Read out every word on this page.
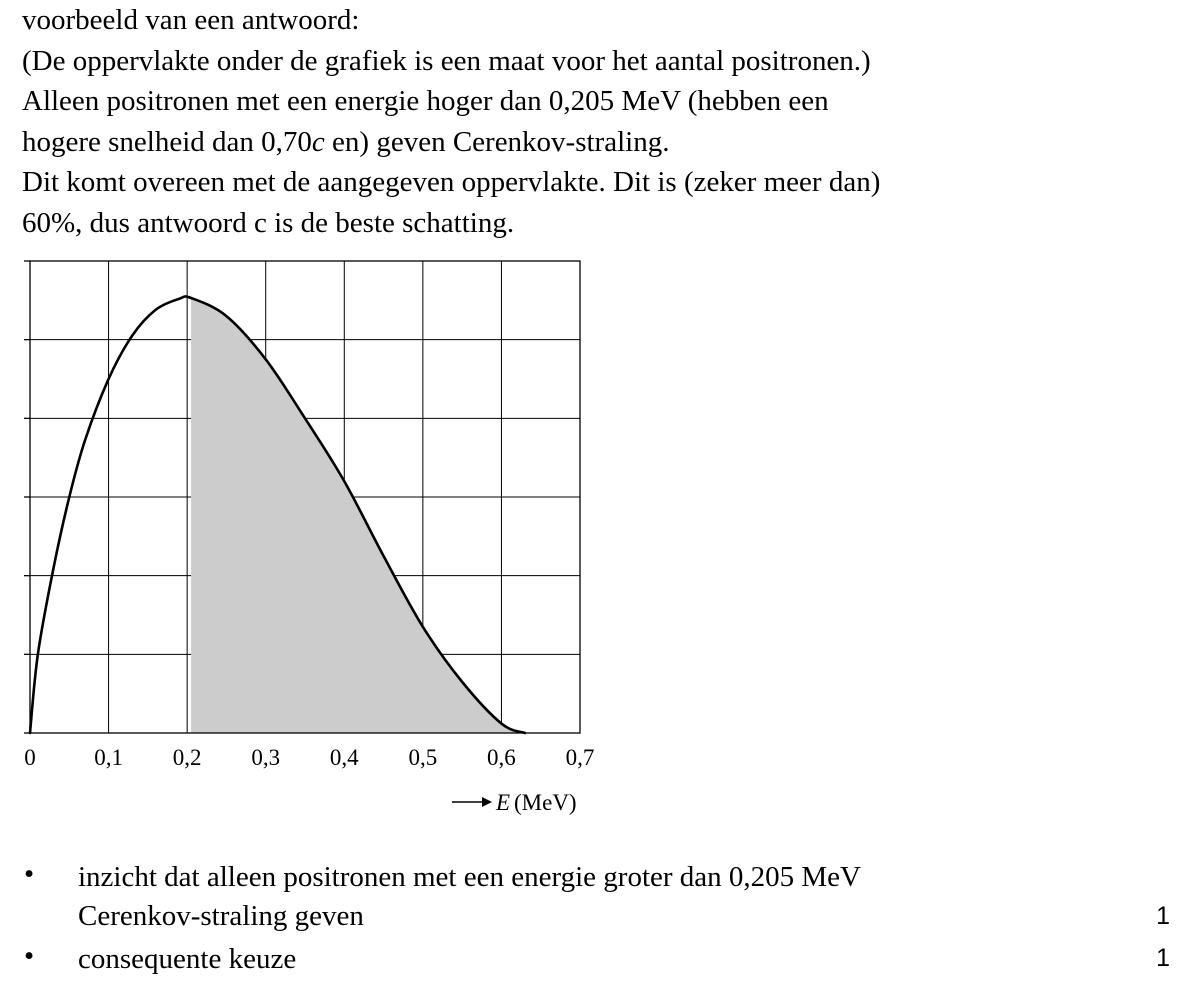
voorbeeld van een antwoord:

(De oppervlakte onder de grafiek is een maat voor het aantal positronen.)

Alleen positronen met een energie hoger dan 0,205 MeV (hebben een

hogere snelheid dan 0,70c en) geven Cerenkov-straling.

Dit komt overeen met de aangegeven oppervlakte. Dit is (zeker meer dan)

60%, dus antwoord c is de beste schatting.

0	0,1 0,2 0,3 0,4 0,5 0,6 0,7
→ E (MeV)
• inzicht dat alleen positronen met een energie groter dan 0,205 MeV
Cerenkov-straling geven	1
• consequente keuze	1
